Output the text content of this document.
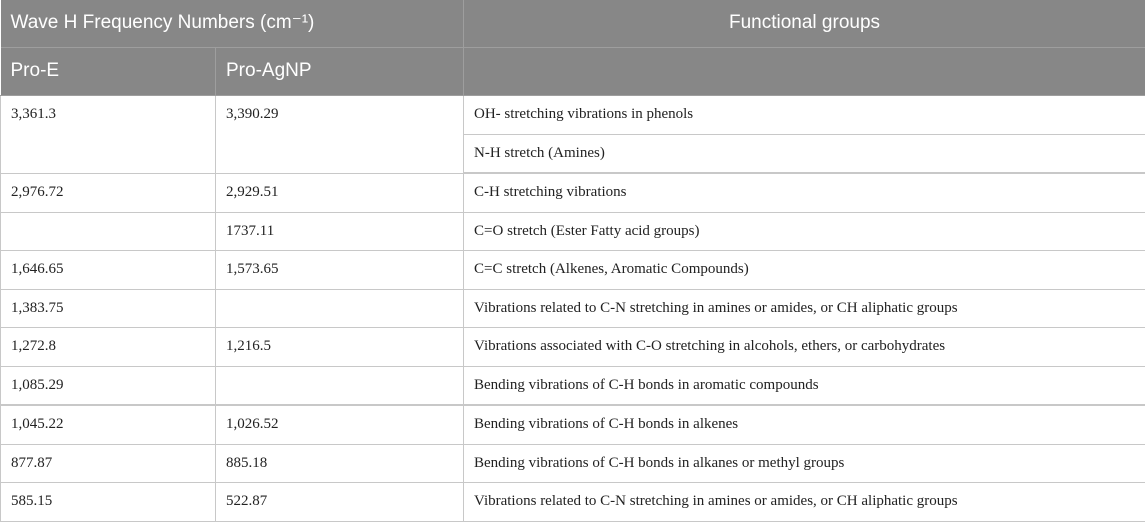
Wave H Frequency Numbers (cm⁻¹)		Functional groups
Pro-E	Pro-AgNP	
3,361.3	3,390.29	OH- stretching vibrations in phenols
		N-H stretch (Amines)
2,976.72	2,929.51	C-H stretching vibrations
	1737.11	C=O stretch (Ester Fatty acid groups)
1,646.65	1,573.65	C=C stretch (Alkenes, Aromatic Compounds)
1,383.75		Vibrations related to C-N stretching in amines or amides, or CH aliphatic groups
1,272.8	1,216.5	Vibrations associated with C-O stretching in alcohols, ethers, or carbohydrates
1,085.29		Bending vibrations of C-H bonds in aromatic compounds
1,045.22	1,026.52	Bending vibrations of C-H bonds in alkenes
877.87	885.18	Bending vibrations of C-H bonds in alkanes or methyl groups
585.15	522.87	Vibrations related to C-N stretching in amines or amides, or CH aliphatic groups
